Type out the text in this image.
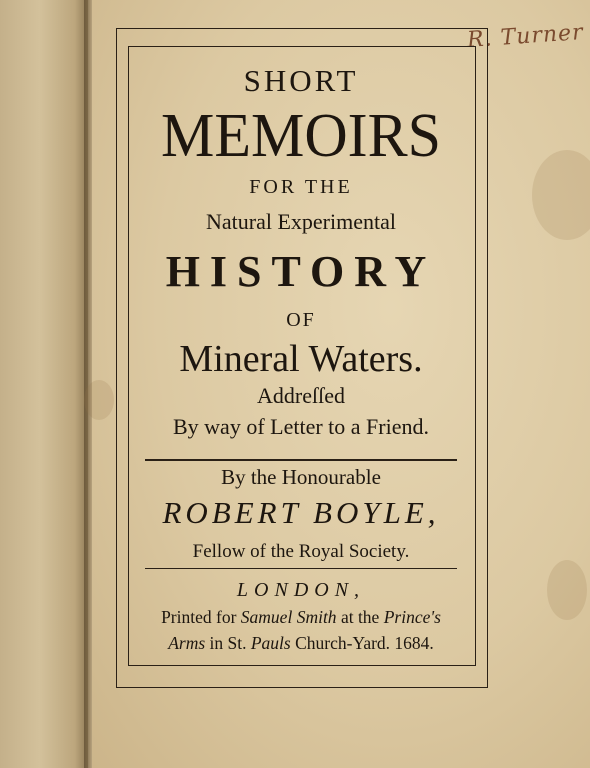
R. Turner
SHORT
MEMOIRS
FOR THE
Natural Experimental
HISTORY
OF
Mineral Waters.
Addreſſed
By way of Letter to a Friend.
By the Honourable
ROBERT BOYLE,
Fellow of the Royal Society.
LONDON,
Printed for Samuel Smith at the Prince's
Arms in St. Pauls Church-Yard. 1684.
